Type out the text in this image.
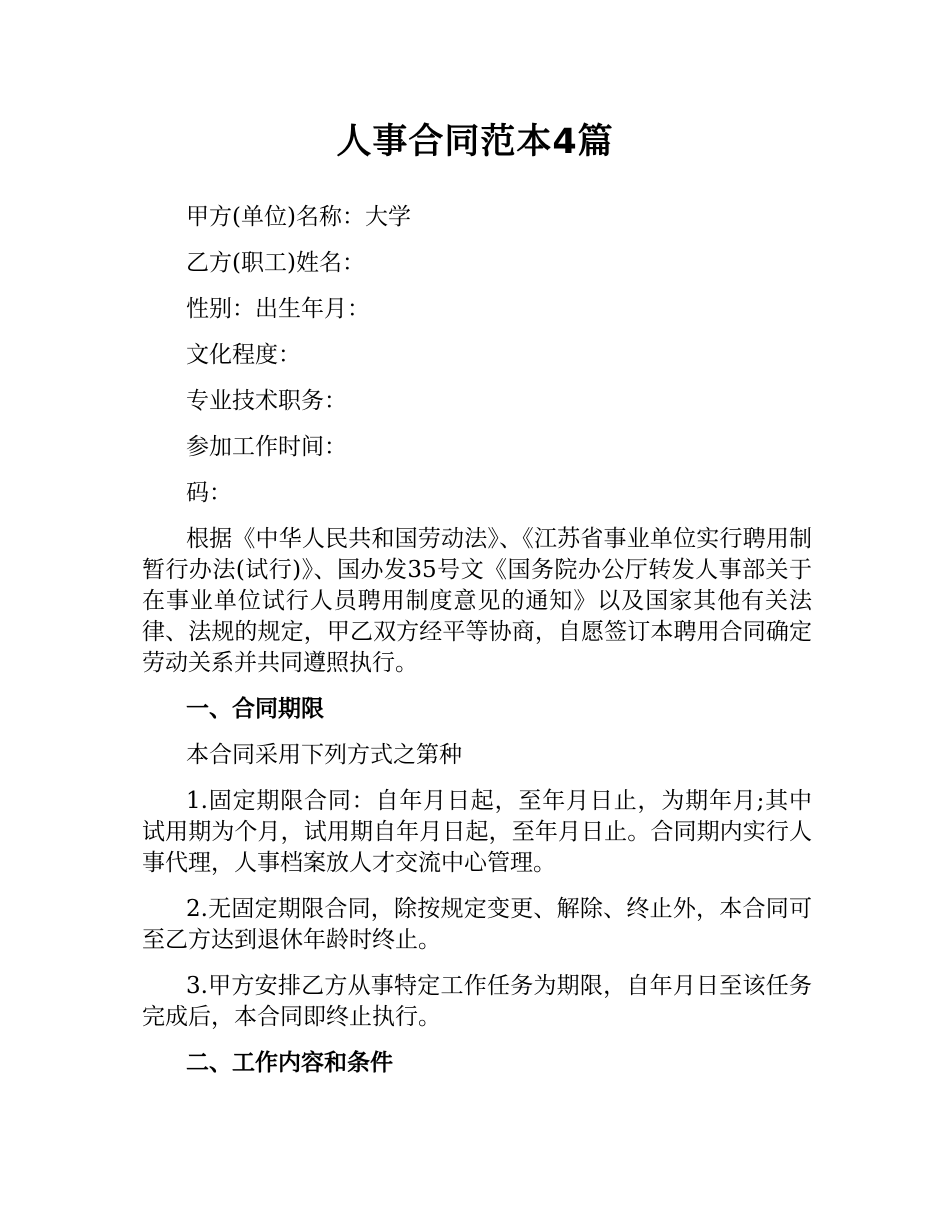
人事合同范本4篇
甲方(单位)名称：大学
乙方(职工)姓名：
性别：出生年月：
文化程度：
专业技术职务：
参加工作时间：
码：

根据《中华人民共和国劳动法》、《江苏省事业单位实行聘用制暂行办法(试行)》、国办发35号文《国务院办公厅转发人事部关于在事业单位试行人员聘用制度意见的通知》以及国家其他有关法律、法规的规定，甲乙双方经平等协商，自愿签订本聘用合同确定劳动关系并共同遵照执行。

一、合同期限

本合同采用下列方式之第种

1.固定期限合同：自年月日起，至年月日止，为期年月;其中试用期为个月，试用期自年月日起，至年月日止。合同期内实行人事代理，人事档案放人才交流中心管理。

2.无固定期限合同，除按规定变更、解除、终止外，本合同可至乙方达到退休年龄时终止。

3.甲方安排乙方从事特定工作任务为期限，自年月日至该任务完成后，本合同即终止执行。

二、工作内容和条件
